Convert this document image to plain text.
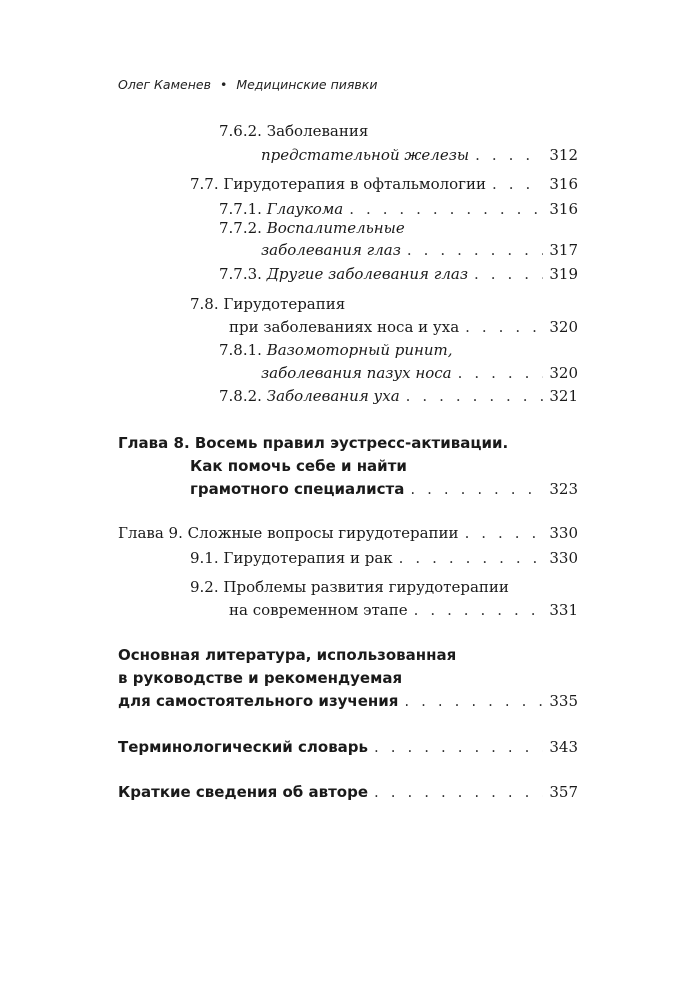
Олег Каменев • Медицинские пиявки
7.6.2. Заболевания
предстательной железы . . .	312
7.7. Гирудотерапия в офтальмологии . . .	316
7.7.1. Глаукома . . .	316
7.7.2. Воспалительные
заболевания глаз . . .	317
7.7.3. Другие заболевания глаз . . .	319
7.8. Гирудотерапия
при заболеваниях носа и уха . . .	320
7.8.1. Вазомоторный ринит,
заболевания пазух носа . . .	320
7.8.2. Заболевания уха . . .	321
Глава 8. Восемь правил эустресс-активации.
Как помочь себе и найти
грамотного специалиста . . .	323
Глава 9. Сложные вопросы гирудотерапии . . .	330
9.1. Гирудотерапия и рак . . .	330
9.2. Проблемы развития гирудотерапии
на современном этапе . . .	331
Основная литература, использованная
в руководстве и рекомендуемая
для самостоятельного изучения . . .	335
Терминологический словарь . . .	343
Краткие сведения об авторе . . .	357
